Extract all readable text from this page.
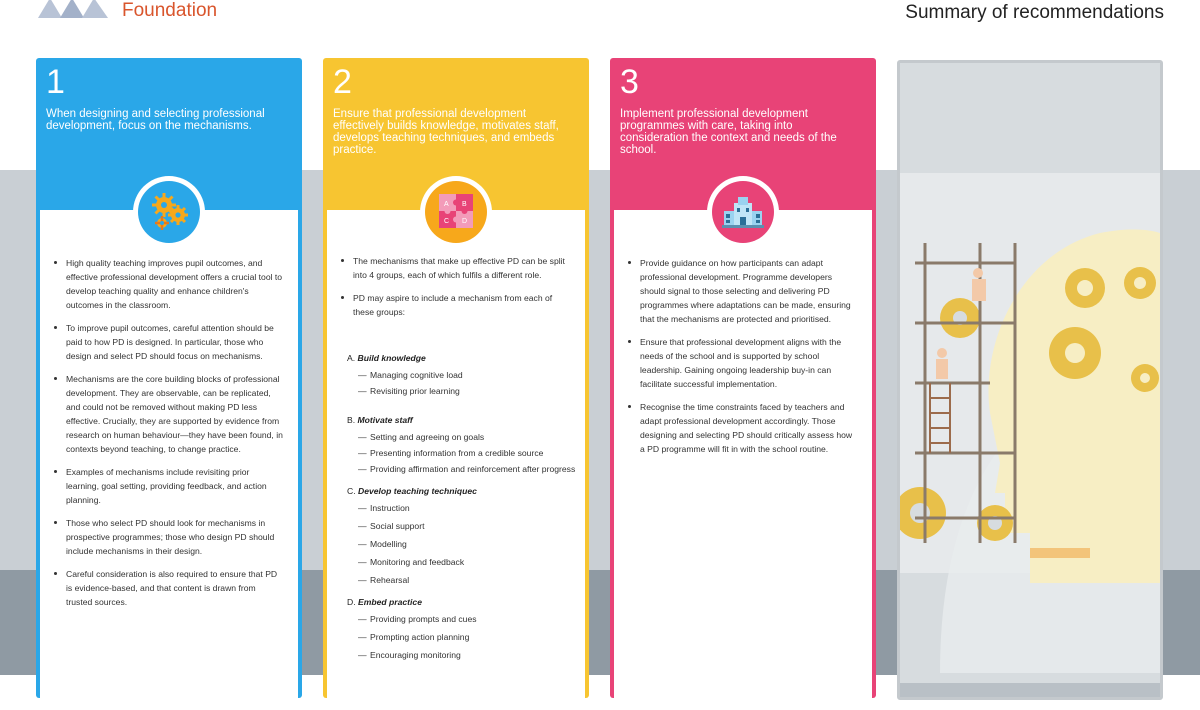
Foundation	Summary of recommendations
1
When designing and selecting professional development, focus on the mechanisms.
High quality teaching improves pupil outcomes, and effective professional development offers a crucial tool to develop teaching quality and enhance children's outcomes in the classroom.
To improve pupil outcomes, careful attention should be paid to how PD is designed. In particular, those who design and select PD should focus on mechanisms.
Mechanisms are the core building blocks of professional development. They are observable, can be replicated, and could not be removed without making PD less effective. Crucially, they are supported by evidence from research on human behaviour—they have been found, in contexts beyond teaching, to change practice.
Examples of mechanisms include revisiting prior learning, goal setting, providing feedback, and action planning.
Those who select PD should look for mechanisms in prospective programmes; those who design PD should include mechanisms in their design.
Careful consideration is also required to ensure that PD is evidence-based, and that content is drawn from trusted sources.
2
Ensure that professional development effectively builds knowledge, motivates staff, develops teaching techniques, and embeds practice.
The mechanisms that make up effective PD can be split into 4 groups, each of which fulfils a different role.
PD may aspire to include a mechanism from each of these groups:
A. Build knowledge
— Managing cognitive load
— Revisiting prior learning
B. Motivate staff
— Setting and agreeing on goals
— Presenting information from a credible source
— Providing affirmation and reinforcement after progress
C. Develop teaching techniquec
— Instruction
— Social support
— Modelling
— Monitoring and feedback
— Rehearsal
D. Embed practice
— Providing prompts and cues
— Prompting action planning
— Encouraging monitoring
A B
C D
3
Implement professional development programmes with care, taking into consideration the context and needs of the school.
Provide guidance on how participants can adapt professional development. Programme developers should signal to those selecting and delivering PD programmes where adaptations can be made, ensuring that the mechanisms are protected and prioritised.
Ensure that professional development aligns with the needs of the school and is supported by school leadership. Gaining ongoing leadership buy-in can facilitate successful implementation.
Recognise the time constraints faced by teachers and adapt professional development accordingly. Those designing and selecting PD should critically assess how a PD programme will fit in with the school routine.
